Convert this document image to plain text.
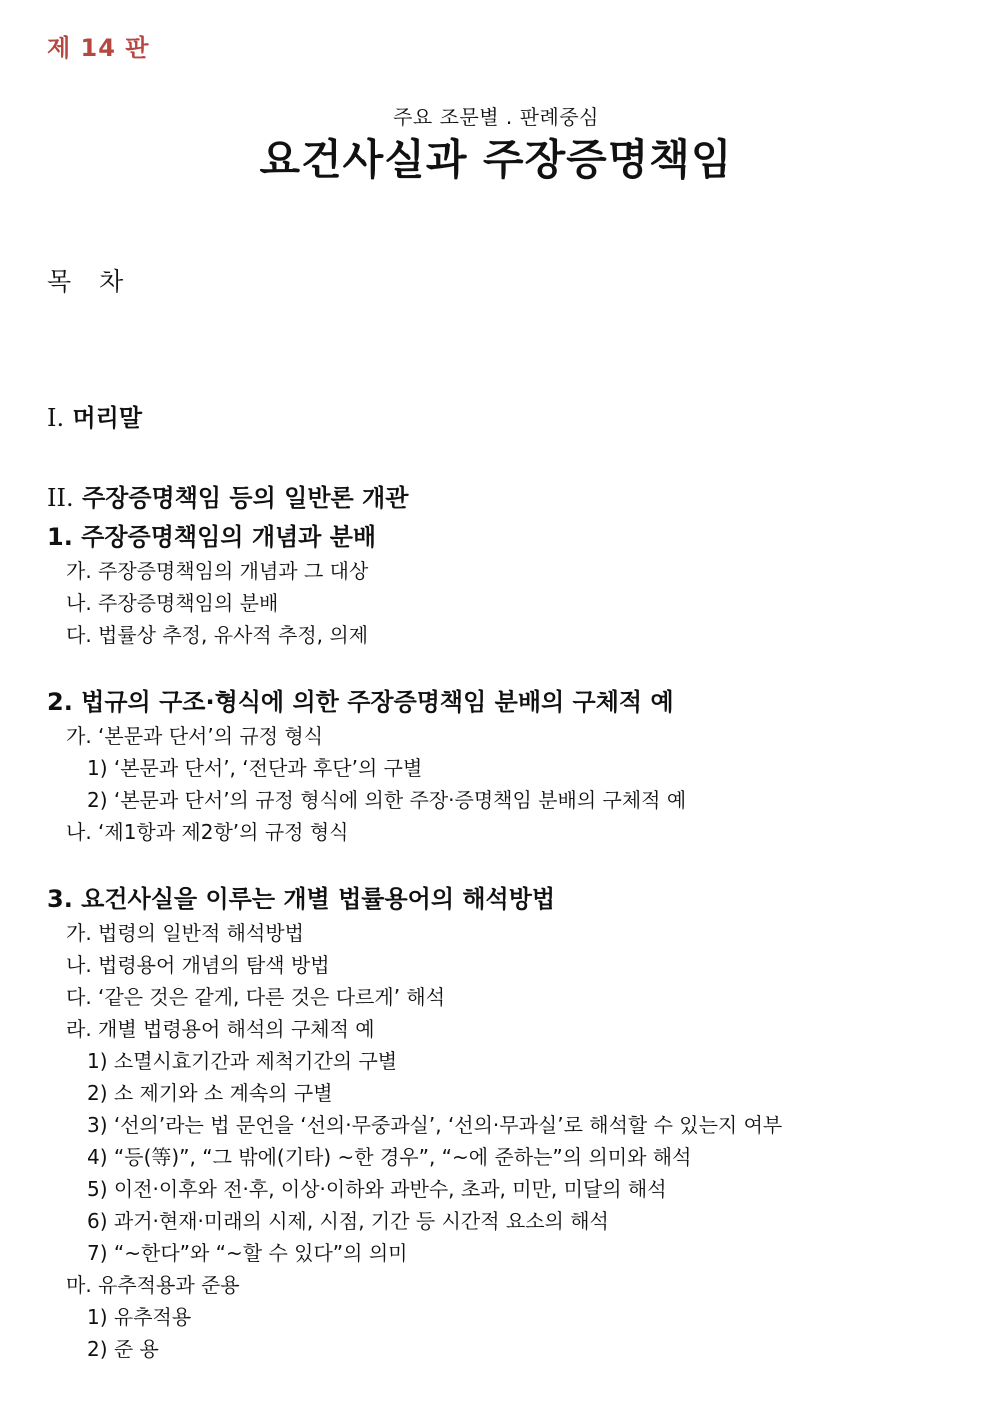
제 14 판
주요 조문별 . 판례중심
요건사실과 주장증명책임
목 차
I. 머리말
II. 주장증명책임 등의 일반론 개관
1. 주장증명책임의 개념과 분배
가. 주장증명책임의 개념과 그 대상
나. 주장증명책임의 분배
다. 법률상 추정, 유사적 추정, 의제
2. 법규의 구조·형식에 의한 주장증명책임 분배의 구체적 예
가. ‘본문과 단서’의 규정 형식
1) ‘본문과 단서’, ‘전단과 후단’의 구별
2) ‘본문과 단서’의 규정 형식에 의한 주장·증명책임 분배의 구체적 예
나. ‘제1항과 제2항’의 규정 형식
3. 요건사실을 이루는 개별 법률용어의 해석방법
가. 법령의 일반적 해석방법
나. 법령용어 개념의 탐색 방법
다. ‘같은 것은 같게, 다른 것은 다르게’ 해석
라. 개별 법령용어 해석의 구체적 예
1) 소멸시효기간과 제척기간의 구별
2) 소 제기와 소 계속의 구별
3) ‘선의’라는 법 문언을 ‘선의·무중과실’, ‘선의·무과실’로 해석할 수 있는지 여부
4) “등(等)”, “그 밖에(기타) ~한 경우”, “~에 준하는”의 의미와 해석
5) 이전·이후와 전·후, 이상·이하와 과반수, 초과, 미만, 미달의 해석
6) 과거·현재·미래의 시제, 시점, 기간 등 시간적 요소의 해석
7) “~한다”와 “~할 수 있다”의 의미
마. 유추적용과 준용
1) 유추적용
2) 준 용
